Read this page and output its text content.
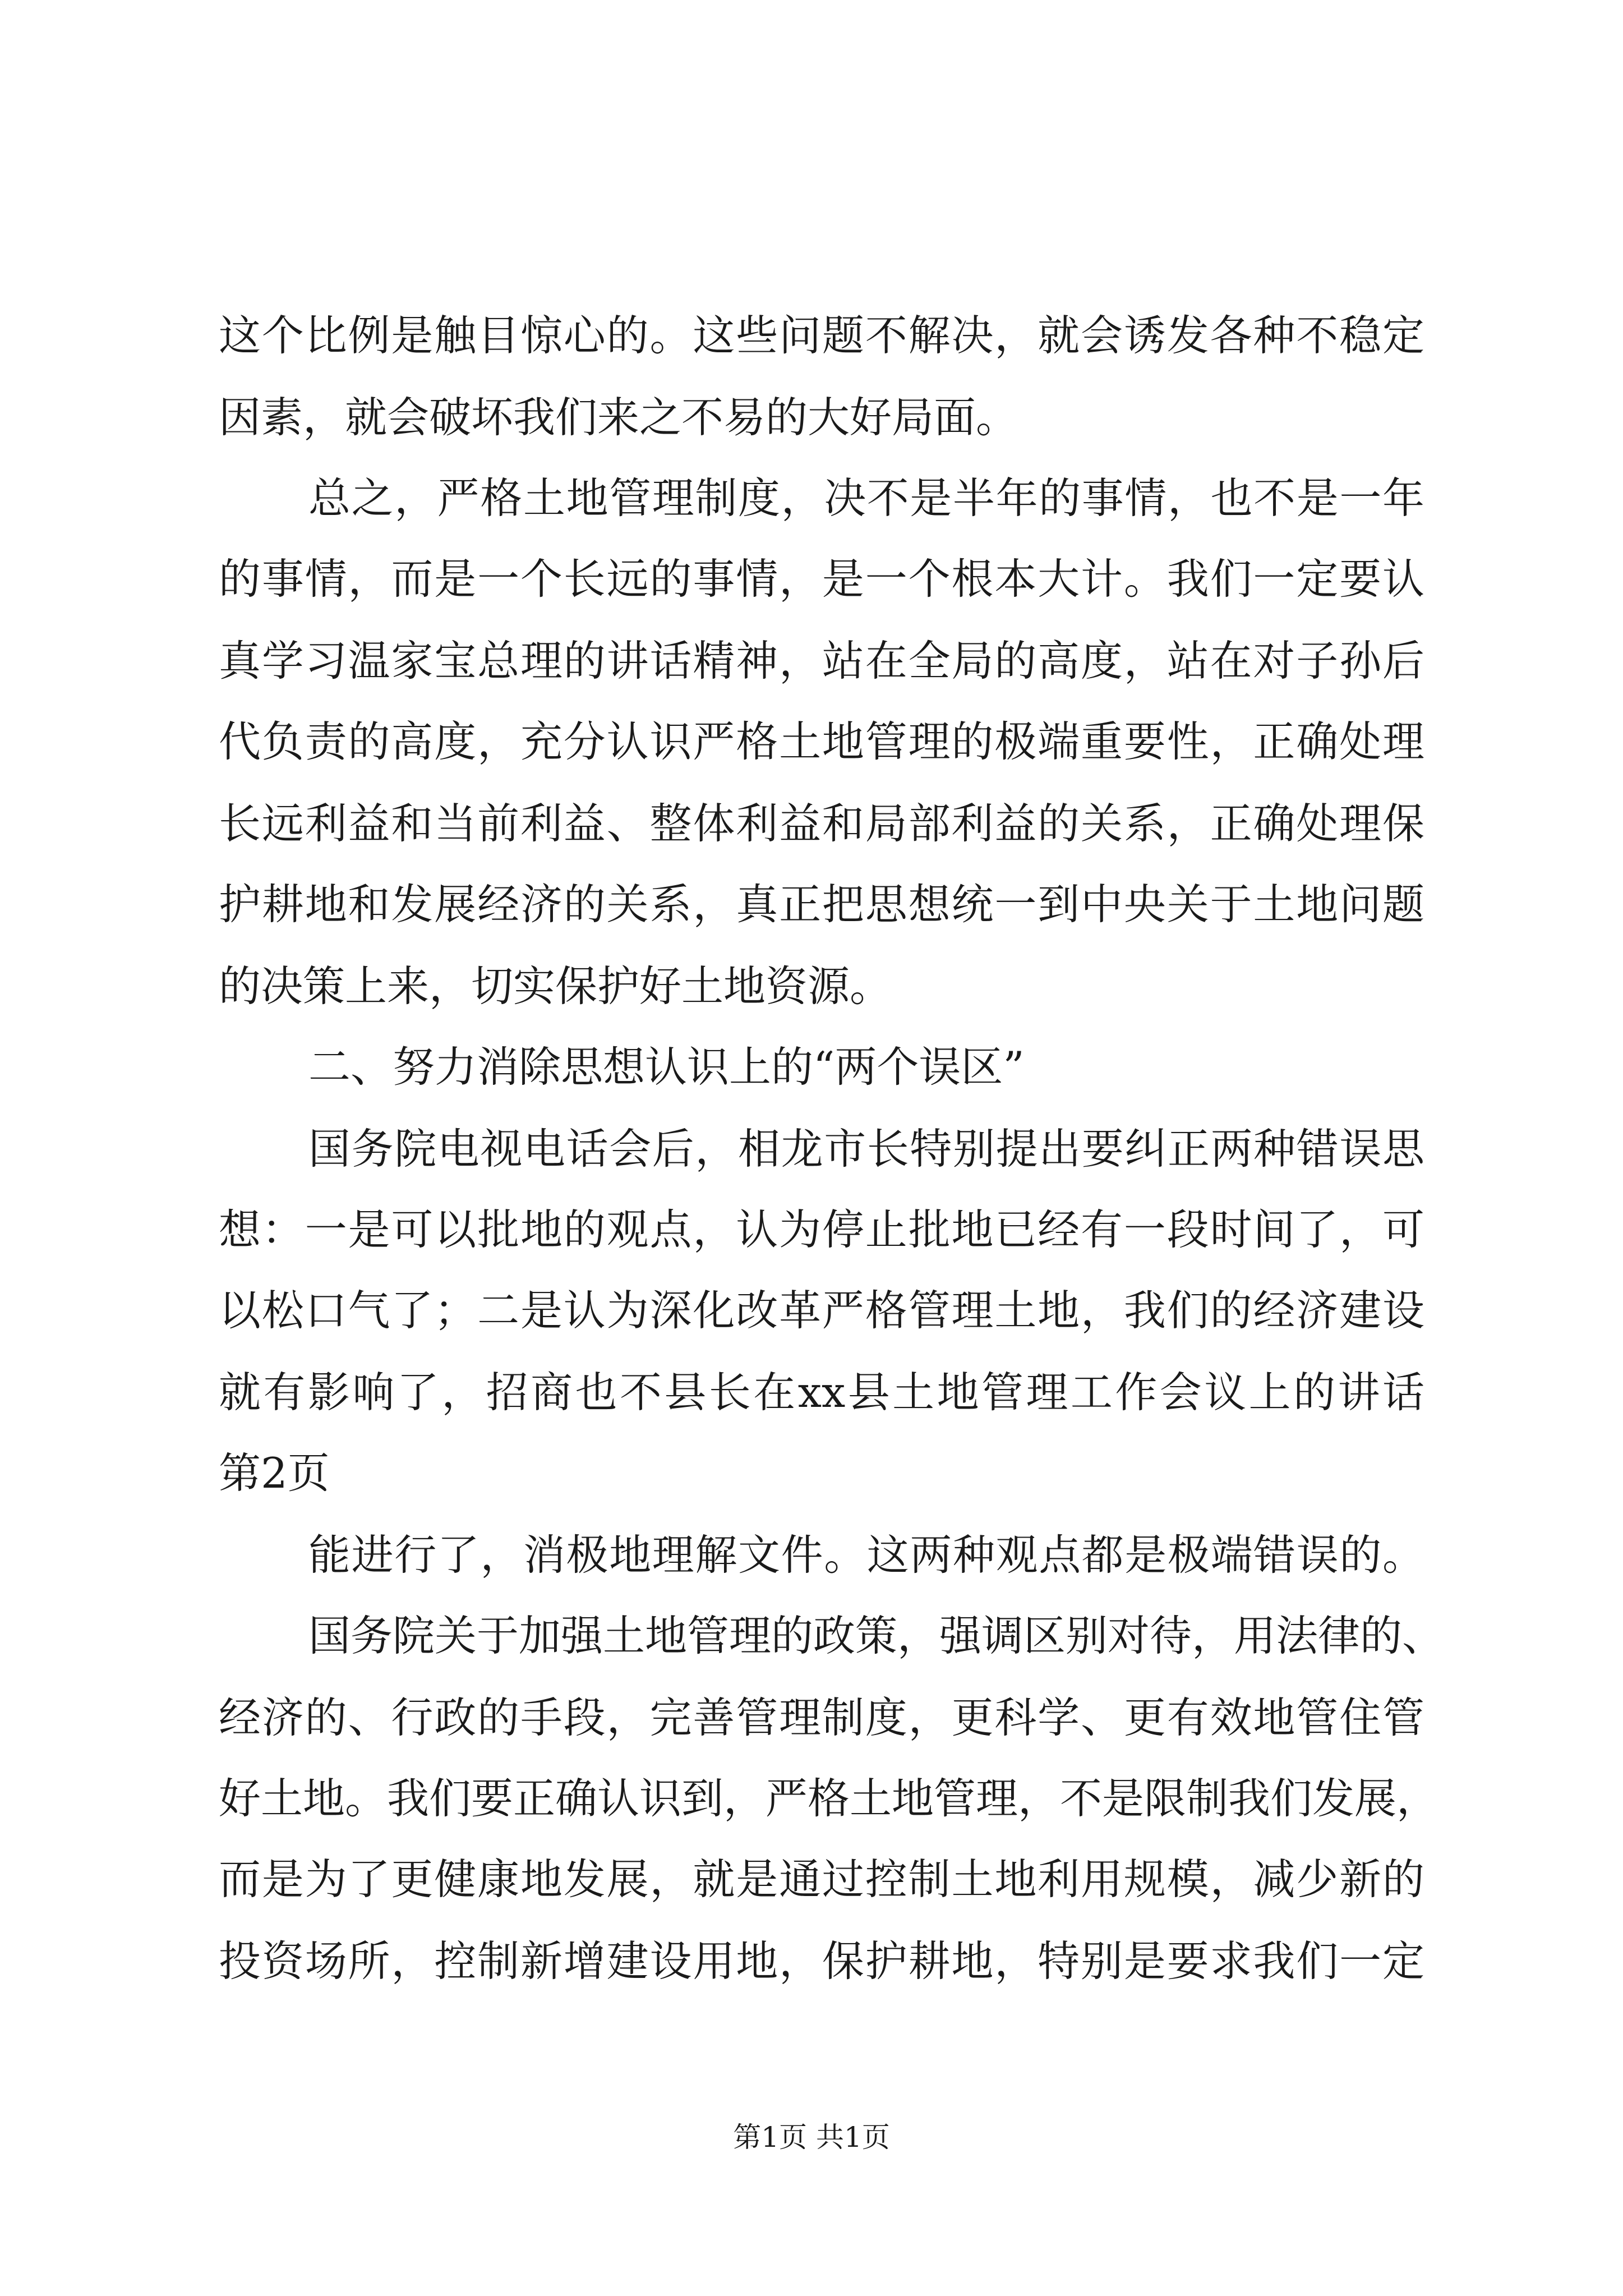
这个比例是触目惊心的。这些问题不解决，就会诱发各种不稳定
因素，就会破坏我们来之不易的大好局面。
总之，严格土地管理制度，决不是半年的事情，也不是一年
的事情，而是一个长远的事情，是一个根本大计。我们一定要认
真学习温家宝总理的讲话精神，站在全局的高度，站在对子孙后
代负责的高度，充分认识严格土地管理的极端重要性，正确处理
长远利益和当前利益、整体利益和局部利益的关系，正确处理保
护耕地和发展经济的关系，真正把思想统一到中央关于土地问题
的决策上来，切实保护好土地资源。
二、努力消除思想认识上的“两个误区”
国务院电视电话会后，相龙市长特别提出要纠正两种错误思
想：一是可以批地的观点，认为停止批地已经有一段时间了，可
以松口气了；二是认为深化改革严格管理土地，我们的经济建设
就有影响了，招商也不县长在xx县土地管理工作会议上的讲话
第2页
能进行了，消极地理解文件。这两种观点都是极端错误的。
国务院关于加强土地管理的政策，强调区别对待，用法律的、
经济的、行政的手段，完善管理制度，更科学、更有效地管住管
好土地。我们要正确认识到，严格土地管理，不是限制我们发展，
而是为了更健康地发展，就是通过控制土地利用规模，减少新的
投资场所，控制新增建设用地，保护耕地，特别是要求我们一定
第1页 共1页
